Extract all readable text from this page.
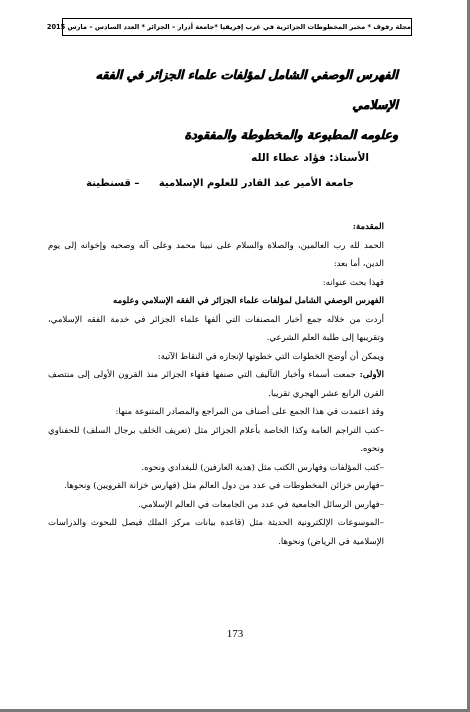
مجلة رفوف * مخبر المخطوطات الجزائرية في غرب إفريقيا *جامعة أدرار – الجزائر * العدد السادس – مارس 2015
الفهرس الوصفي الشامل لمؤلفات علماء الجزائر في الفقه الإسلامي
وعلومه المطبوعة والمخطوطة والمفقودة
الأستاذ: فؤاد عطاء الله
جامعة الأمير عبد القادر للعلوم الإسلامية – قسنطينة

المقدمة:

الحمد لله رب العالمين، والصلاة والسلام على نبينا محمد وعلى آله وصحبه وإخوانه إلى يوم الدين، أما بعد:

فهذا بحث عنوانه:

الفهرس الوصفي الشامل لمؤلفات علماء الجزائر في الفقه الإسلامي وعلومه

أردت من خلاله جمع أخبار المصنفات التي ألفها علماء الجزائر في خدمة الفقه الإسلامي، وتقريبها إلى طلبة العلم الشرعي.

ويمكن أن أوضح الخطوات التي خطوتها لإنجازه في النقاط الآتية:

الأولى: جمعت أسماء وأخبار التآليف التي صنفها فقهاء الجزائر منذ القرون الأولى إلى منتصف القرن الرابع عشر الهجري تقريبا.

وقد اعتمدت في هذا الجمع على أصناف من المراجع والمصادر المتنوعة منها:

–كتب التراجم العامة وكذا الخاصة بأعلام الجزائر مثل (تعريف الخلف برجال السلف) للحفناوي ونحوه.

–كتب المؤلفات وفهارس الكتب مثل (هدية العارفين) للبغدادي ونحوه.

–فهارس خزائن المخطوطات في عدد من دول العالم مثل (فهارس خزانة القرويين) ونحوها.

–فهارس الرسائل الجامعية في عدد من الجامعات في العالم الإسلامي.

–الموسوعات الإلكترونية الحديثة مثل (قاعدة بيانات مركز الملك فيصل للبحوث والدراسات الإسلامية في الرياض) ونحوها.

173
